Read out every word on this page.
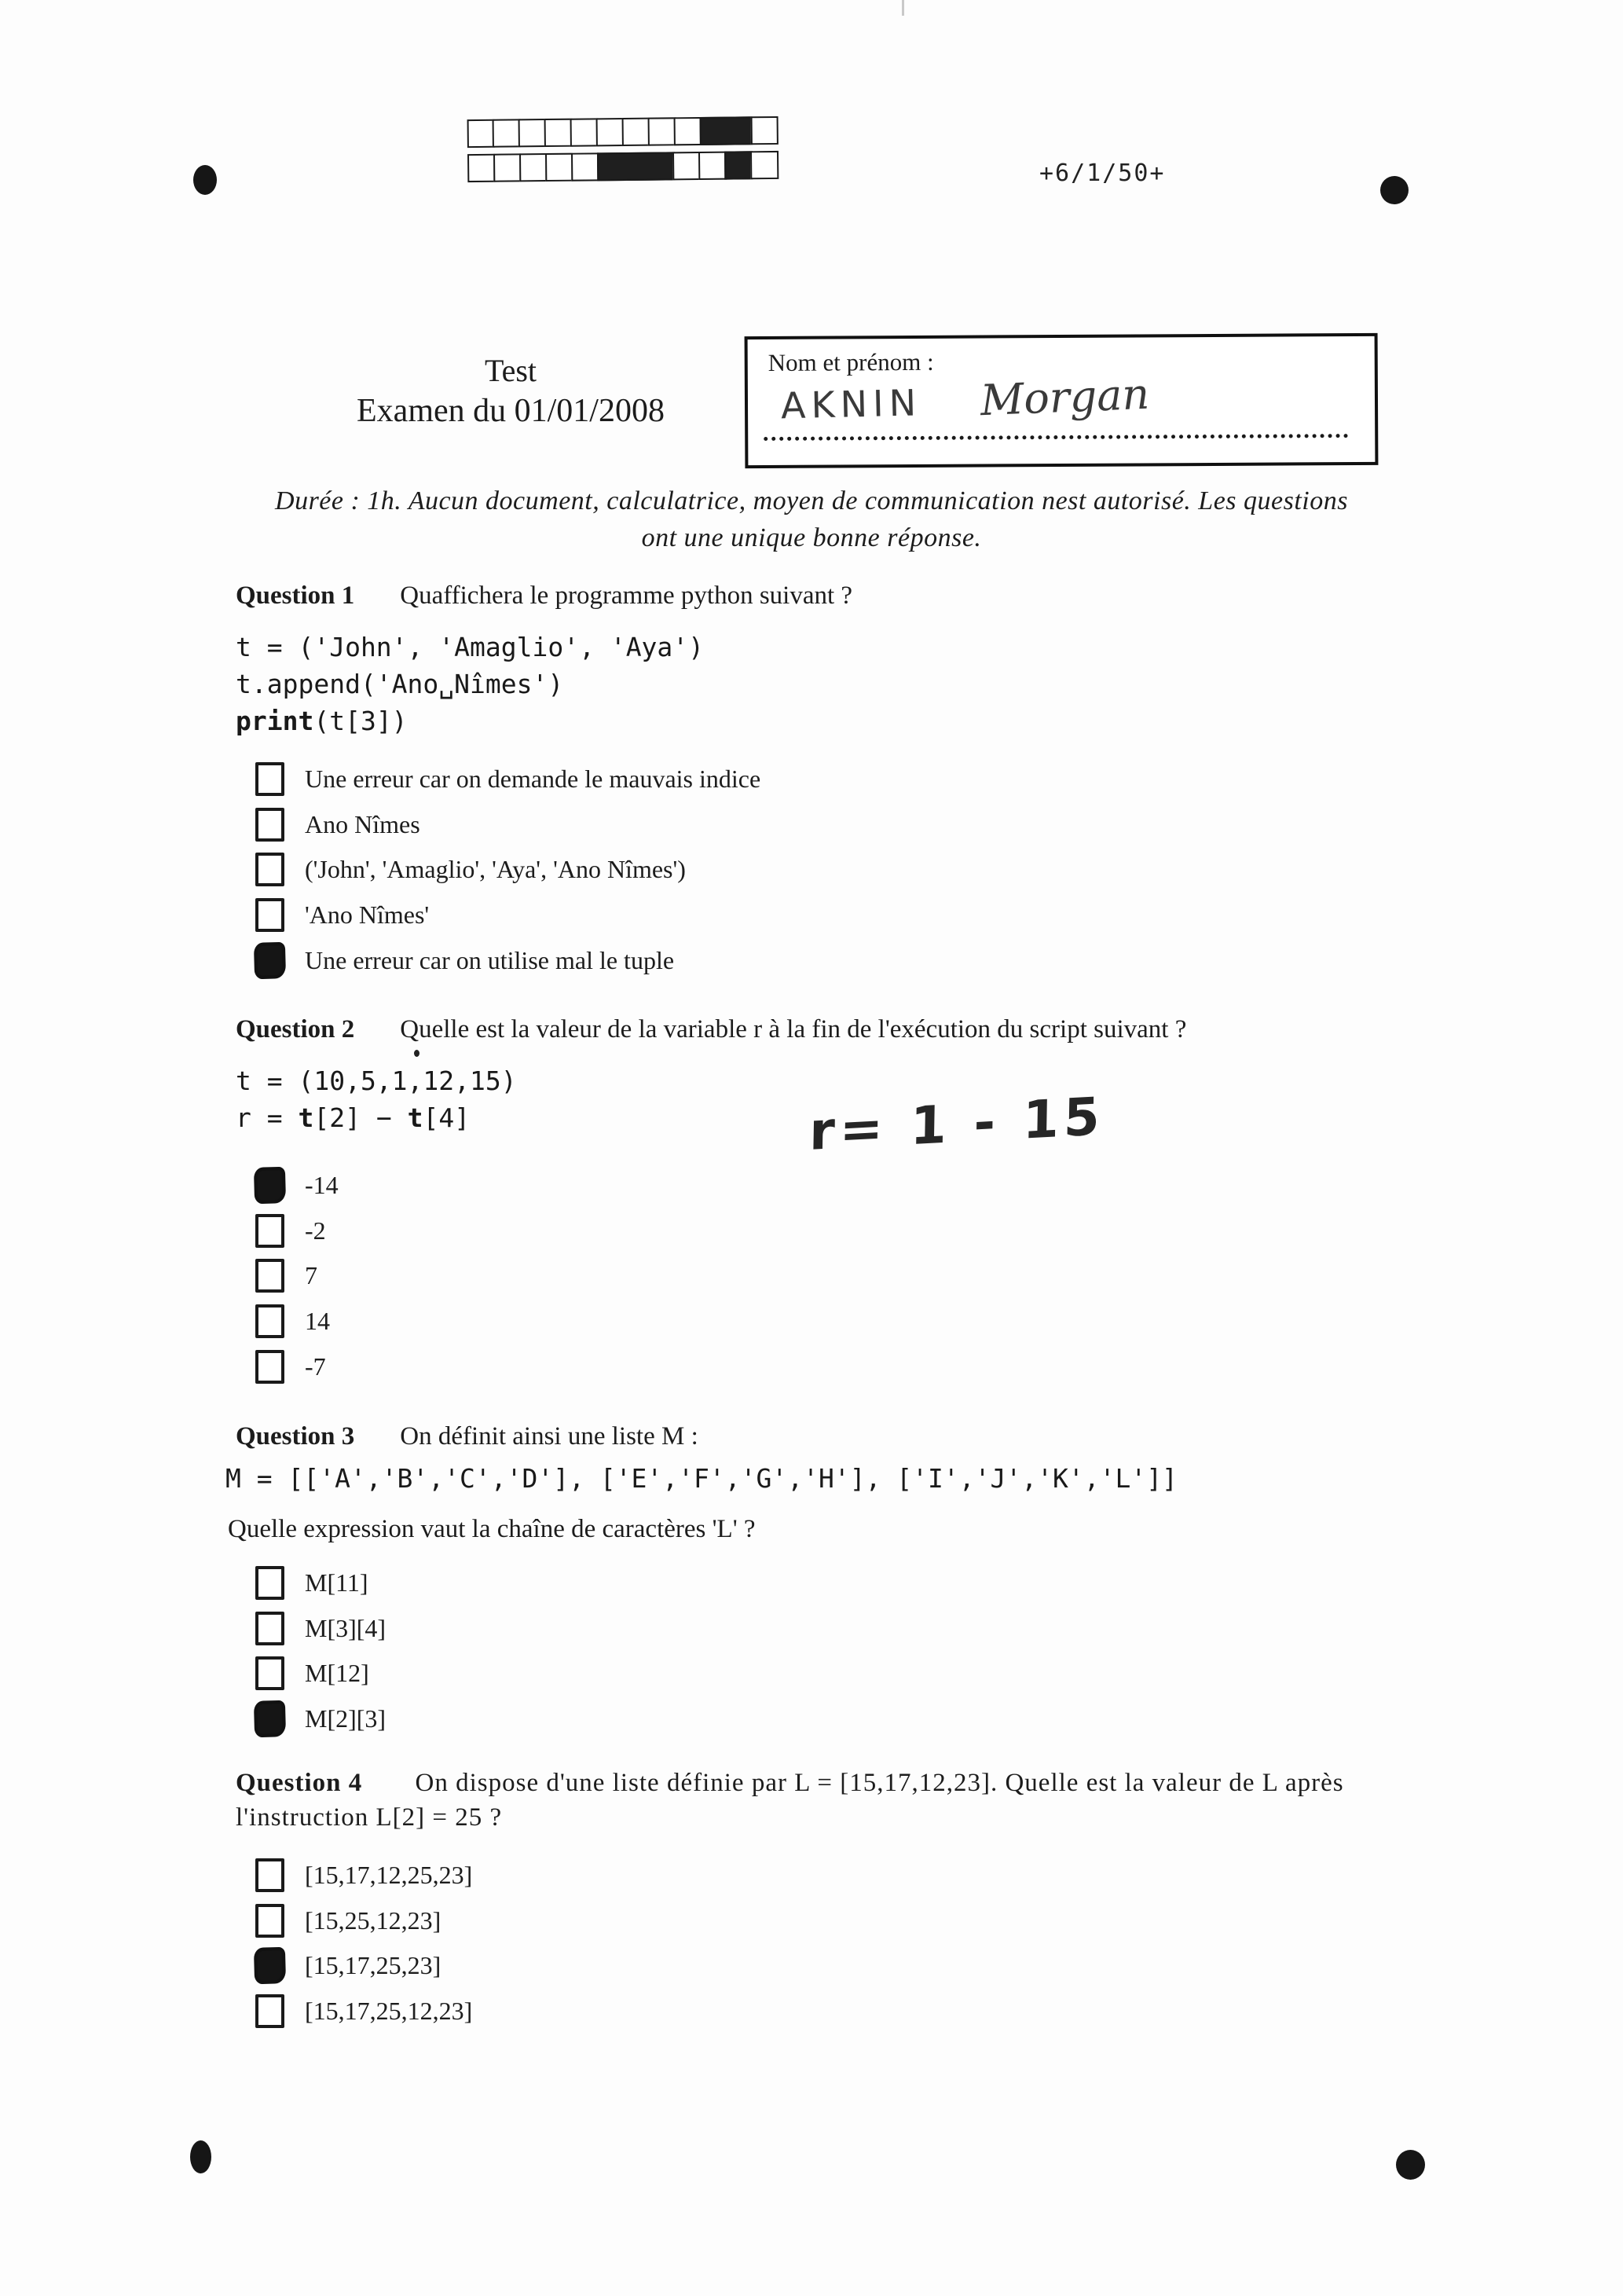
+6/1/50+
Test
Examen du 01/01/2008
Nom et prénom :
AKNIN Morgan
Durée : 1h. Aucun document, calculatrice, moyen de communication nest autorisé. Les questions
ont une unique bonne réponse.
Question 1 Quaffichera le programme python suivant ?
t = ('John', 'Amaglio', 'Aya')
t.append('Ano␣Nîmes')
print(t[3])
Une erreur car on demande le mauvais indice
Ano Nîmes
('John', 'Amaglio', 'Aya', 'Ano Nîmes')
'Ano Nîmes'
Une erreur car on utilise mal le tuple
Question 2 Quelle est la valeur de la variable r à la fin de l'exécution du script suivant ?
t = (10,5,1,12,15)
r = t[2] − t[4]	r= 1 - 15
-14
-2
7
14
-7
Question 3 On définit ainsi une liste M :
M = [['A','B','C','D'], ['E','F','G','H'], ['I','J','K','L']]
Quelle expression vaut la chaîne de caractères 'L' ?
M[11]
M[3][4]
M[12]
M[2][3]
Question 4 On dispose d'une liste définie par L = [15,17,12,23]. Quelle est la valeur de L après
l'instruction L[2] = 25 ?
[15,17,12,25,23]
[15,25,12,23]
[15,17,25,23]
[15,17,25,12,23]
